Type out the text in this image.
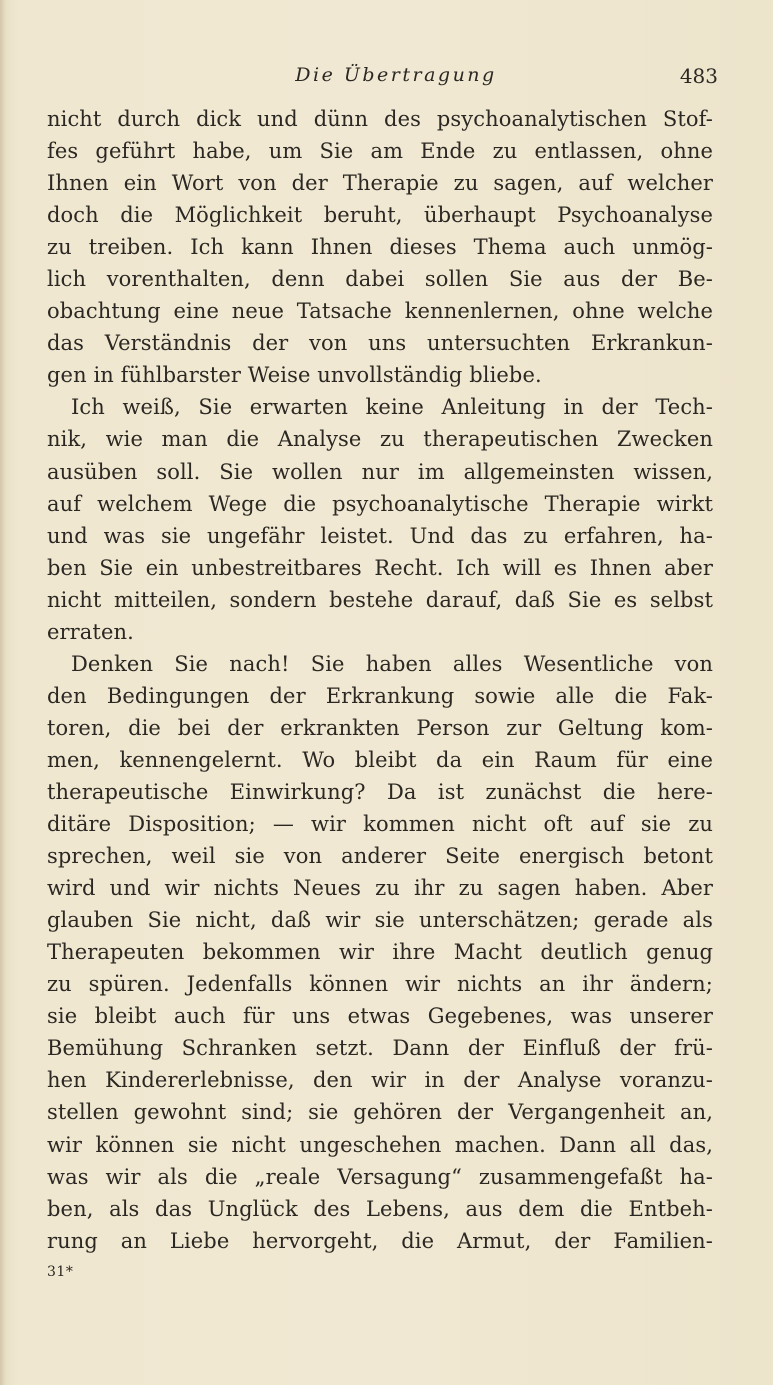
Die Übertragung	483
nicht durch dick und dünn des psychoanalytischen Stof-
fes geführt habe, um Sie am Ende zu entlassen, ohne
Ihnen ein Wort von der Therapie zu sagen, auf welcher
doch die Möglichkeit beruht, überhaupt Psychoanalyse
zu treiben. Ich kann Ihnen dieses Thema auch unmög-
lich vorenthalten, denn dabei sollen Sie aus der Be-
obachtung eine neue Tatsache kennenlernen, ohne welche
das Verständnis der von uns untersuchten Erkrankun-
gen in fühlbarster Weise unvollständig bliebe.
Ich weiß, Sie erwarten keine Anleitung in der Tech-
nik, wie man die Analyse zu therapeutischen Zwecken
ausüben soll. Sie wollen nur im allgemeinsten wissen,
auf welchem Wege die psychoanalytische Therapie wirkt
und was sie ungefähr leistet. Und das zu erfahren, ha-
ben Sie ein unbestreitbares Recht. Ich will es Ihnen aber
nicht mitteilen, sondern bestehe darauf, daß Sie es selbst
erraten.
Denken Sie nach! Sie haben alles Wesentliche von
den Bedingungen der Erkrankung sowie alle die Fak-
toren, die bei der erkrankten Person zur Geltung kom-
men, kennengelernt. Wo bleibt da ein Raum für eine
therapeutische Einwirkung? Da ist zunächst die here-
ditäre Disposition; — wir kommen nicht oft auf sie zu
sprechen, weil sie von anderer Seite energisch betont
wird und wir nichts Neues zu ihr zu sagen haben. Aber
glauben Sie nicht, daß wir sie unterschätzen; gerade als
Therapeuten bekommen wir ihre Macht deutlich genug
zu spüren. Jedenfalls können wir nichts an ihr ändern;
sie bleibt auch für uns etwas Gegebenes, was unserer
Bemühung Schranken setzt. Dann der Einfluß der frü-
hen Kindererlebnisse, den wir in der Analyse voranzu-
stellen gewohnt sind; sie gehören der Vergangenheit an,
wir können sie nicht ungeschehen machen. Dann all das,
was wir als die „reale Versagung“ zusammengefaßt ha-
ben, als das Unglück des Lebens, aus dem die Entbeh-
rung an Liebe hervorgeht, die Armut, der Familien-
31*
